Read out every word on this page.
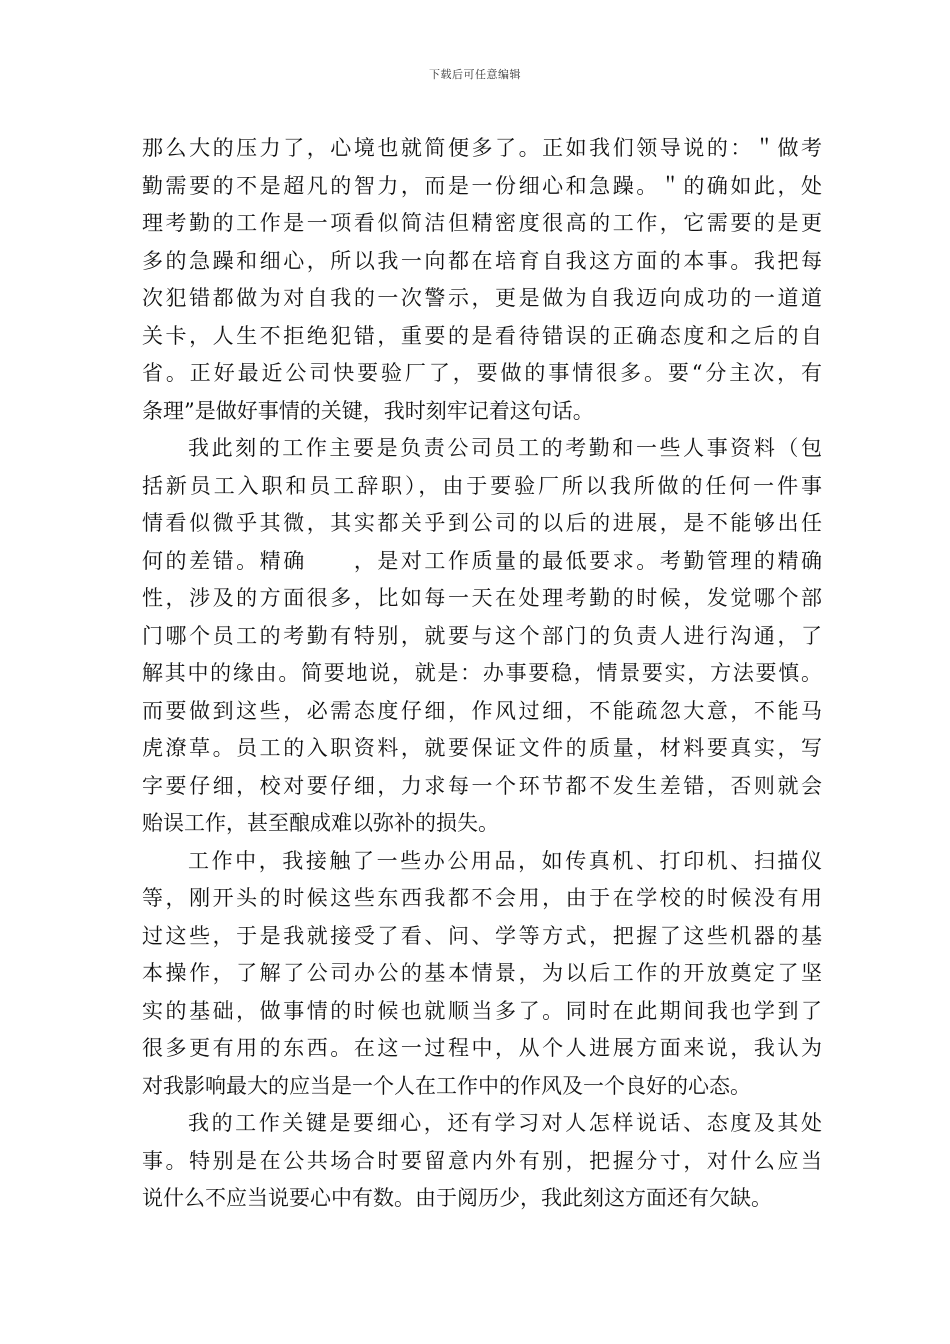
下载后可任意编辑
那么大的压力了，心境也就简便多了。正如我们领导说的：＂做考
勤需要的不是超凡的智力，而是一份细心和急躁。＂的确如此，处
理考勤的工作是一项看似简洁但精密度很高的工作，它需要的是更
多的急躁和细心，所以我一向都在培育自我这方面的本事。我把每
次犯错都做为对自我的一次警示，更是做为自我迈向成功的一道道
关卡，人生不拒绝犯错，重要的是看待错误的正确态度和之后的自
省。正好最近公司快要验厂了，要做的事情很多。要“分主次，有
条理”是做好事情的关键，我时刻牢记着这句话。
我此刻的工作主要是负责公司员工的考勤和一些人事资料（包
括新员工入职和员工辞职），由于要验厂所以我所做的任何一件事
情看似微乎其微，其实都关乎到公司的以后的进展，是不能够出任
何的差错。精确　　，是对工作质量的最低要求。考勤管理的精确
性，涉及的方面很多，比如每一天在处理考勤的时候，发觉哪个部
门哪个员工的考勤有特别，就要与这个部门的负责人进行沟通，了
解其中的缘由。简要地说，就是：办事要稳，情景要实，方法要慎。
而要做到这些，必需态度仔细，作风过细，不能疏忽大意，不能马
虎潦草。员工的入职资料，就要保证文件的质量，材料要真实，写
字要仔细，校对要仔细，力求每一个环节都不发生差错，否则就会
贻误工作，甚至酿成难以弥补的损失。
工作中，我接触了一些办公用品，如传真机、打印机、扫描仪
等，刚开头的时候这些东西我都不会用，由于在学校的时候没有用
过这些，于是我就接受了看、问、学等方式，把握了这些机器的基
本操作，了解了公司办公的基本情景，为以后工作的开放奠定了坚
实的基础，做事情的时候也就顺当多了。同时在此期间我也学到了
很多更有用的东西。在这一过程中，从个人进展方面来说，我认为
对我影响最大的应当是一个人在工作中的作风及一个良好的心态。
我的工作关键是要细心，还有学习对人怎样说话、态度及其处
事。特别是在公共场合时要留意内外有别，把握分寸，对什么应当
说什么不应当说要心中有数。由于阅历少，我此刻这方面还有欠缺。
